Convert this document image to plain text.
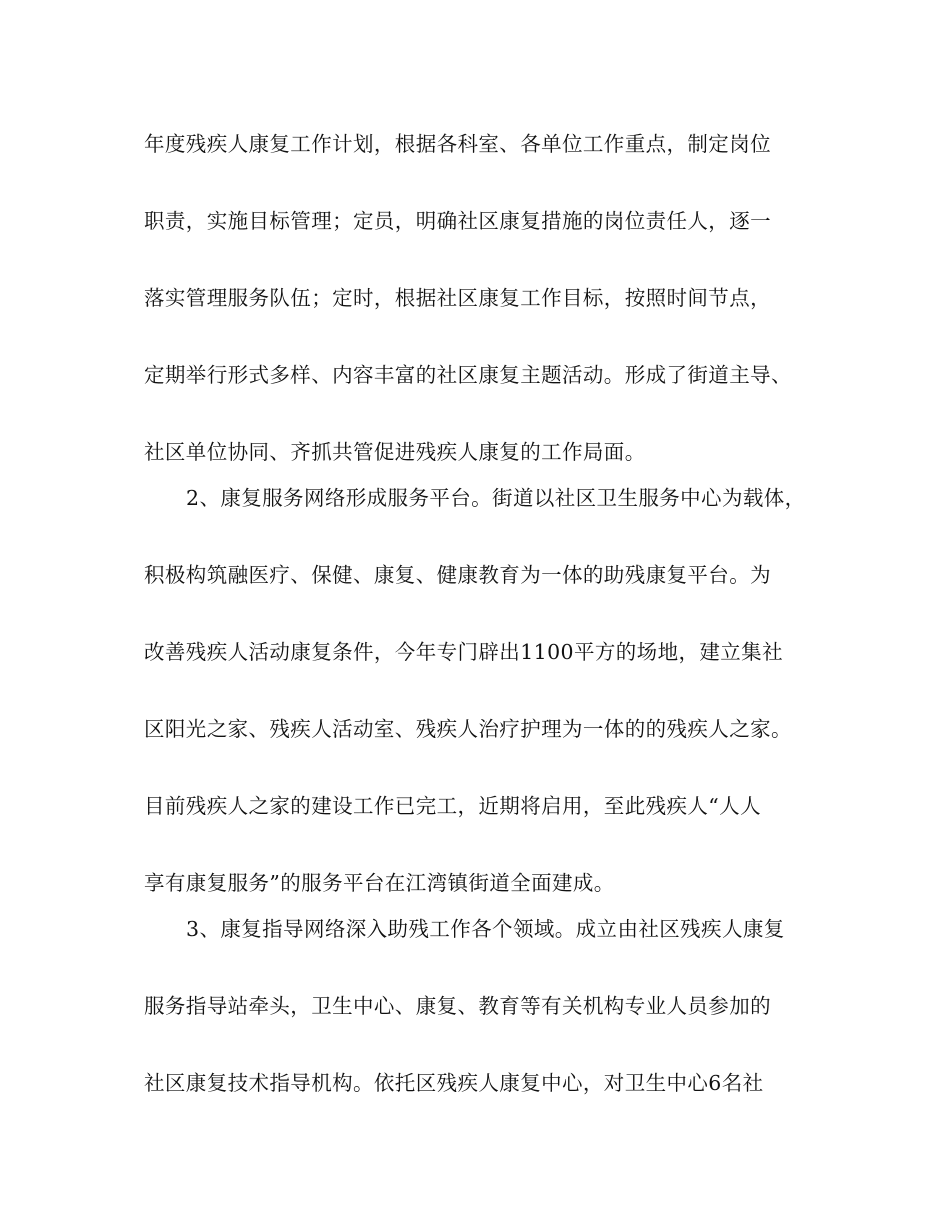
年度残疾人康复工作计划，根据各科室、各单位工作重点，制定岗位
职责，实施目标管理；定员，明确社区康复措施的岗位责任人，逐一
落实管理服务队伍；定时，根据社区康复工作目标，按照时间节点，
定期举行形式多样、内容丰富的社区康复主题活动。形成了街道主导、
社区单位协同、齐抓共管促进残疾人康复的工作局面。
2、康复服务网络形成服务平台。街道以社区卫生服务中心为载体，
积极构筑融医疗、保健、康复、健康教育为一体的助残康复平台。为
改善残疾人活动康复条件，今年专门辟出1100平方的场地，建立集社
区阳光之家、残疾人活动室、残疾人治疗护理为一体的的残疾人之家。
目前残疾人之家的建设工作已完工，近期将启用，至此残疾人“人人
享有康复服务”的服务平台在江湾镇街道全面建成。
3、康复指导网络深入助残工作各个领域。成立由社区残疾人康复
服务指导站牵头，卫生中心、康复、教育等有关机构专业人员参加的
社区康复技术指导机构。依托区残疾人康复中心，对卫生中心6名社
